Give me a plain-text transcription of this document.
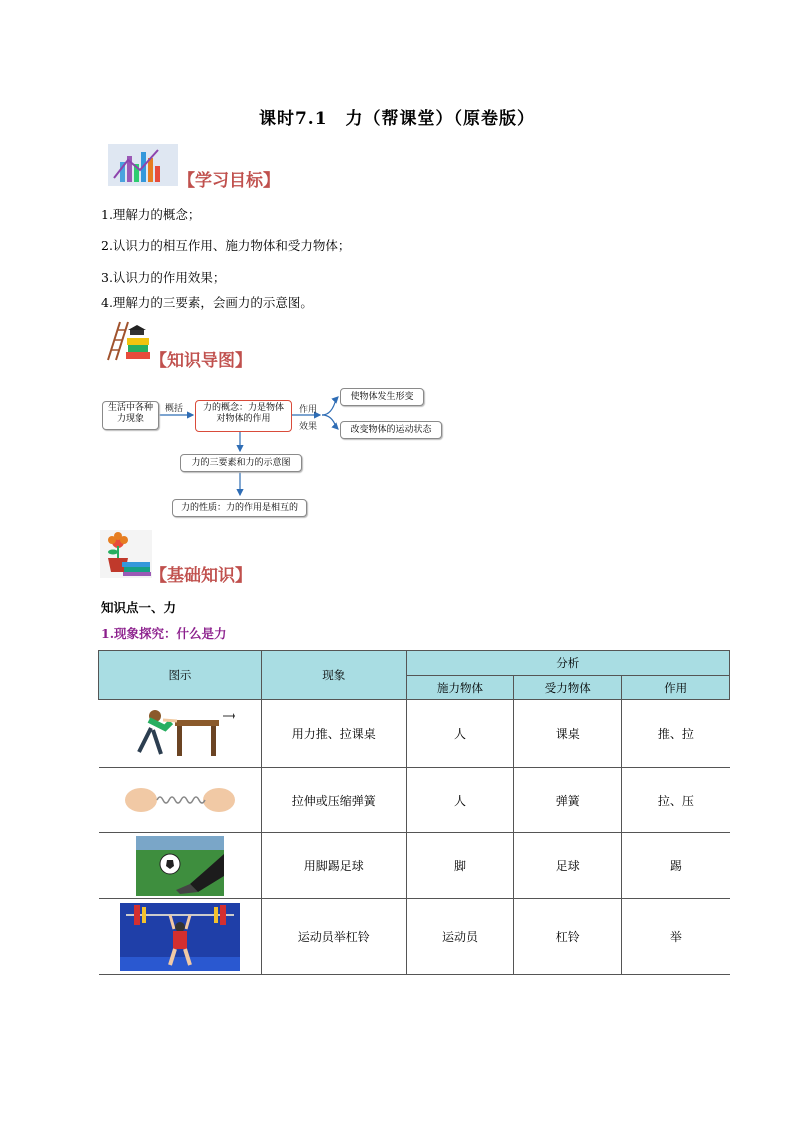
课时7.1　力（帮课堂）（原卷版）
【学习目标】
1.理解力的概念；
2.认识力的相互作用、施力物体和受力物体；
3.认识力的作用效果；
4.理解力的三要素，会画力的示意图。
【知识导图】
生活中各种
力现象
概括	力的概念：力是物体
对物体的作用
作用
效果
使物体发生形变
改变物体的运动状态
力的三要素和力的示意图
力的性质：力的作用是相互的
【基础知识】
知识点一、力
1.现象探究：什么是力
图示	现象	分析		
		施力物体	受力物体	作用

	用力推、拉课桌	人	课桌	推、拉

	拉伸或压缩弹簧	人	弹簧	拉、压

	用脚踢足球	脚	足球	踢

	运动员举杠铃	运动员	杠铃	举
